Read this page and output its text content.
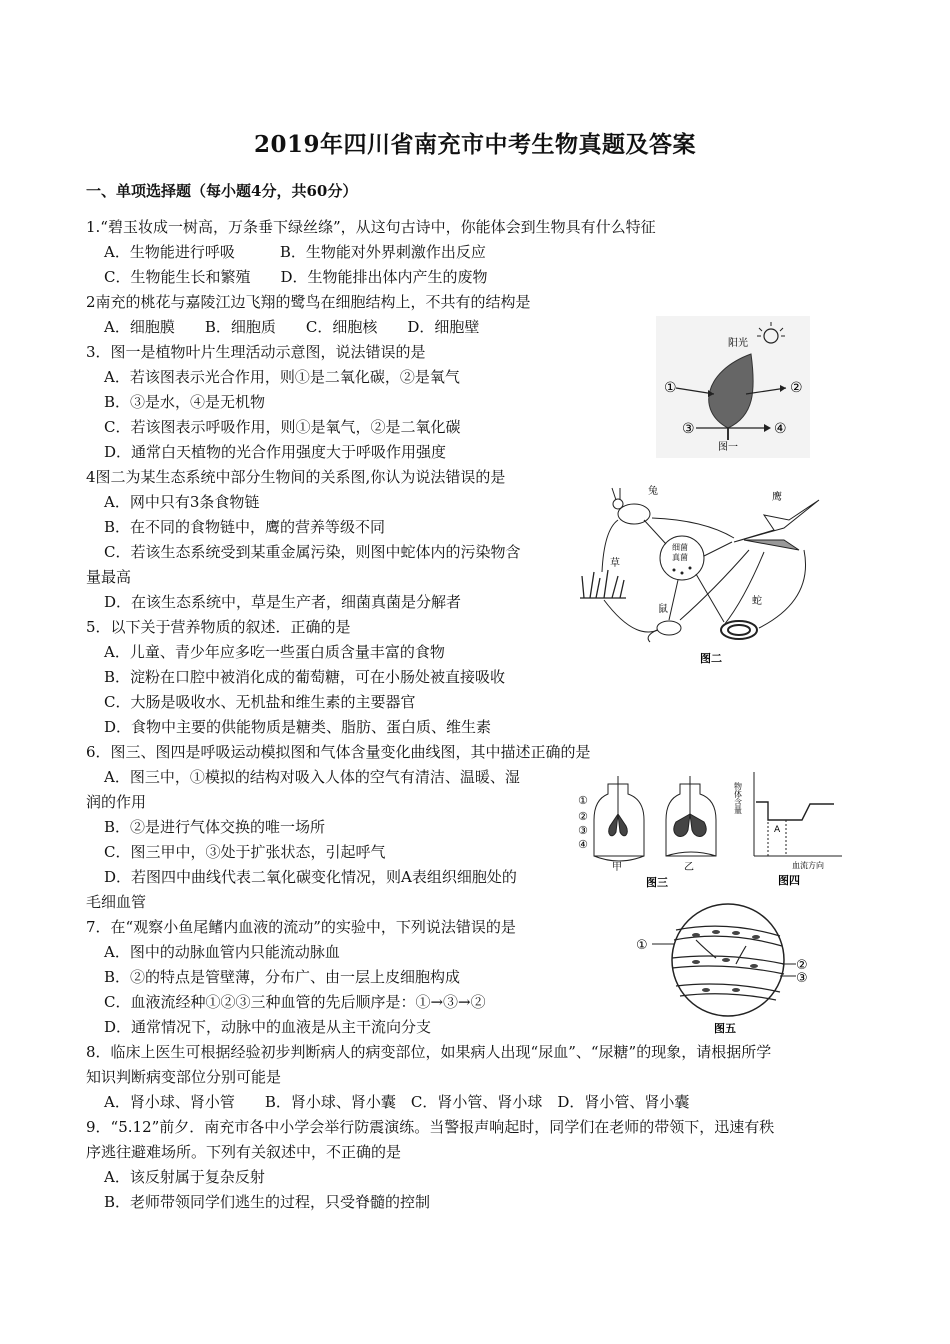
2019年四川省南充市中考生物真题及答案
一、单项选择题（每小题4分，共60分）
1.“碧玉妆成一树高，万条垂下绿丝绦”，从这句古诗中，你能体会到生物具有什么特征
A．生物能进行呼吸　　　B．生物能对外界刺激作出反应
C．生物能生长和繁殖　　D．生物能排出体内产生的废物
2南充的桃花与嘉陵江边飞翔的鹭鸟在细胞结构上，不共有的结构是
A．细胞膜　　B．细胞质　　C．细胞核　　D．细胞壁
3．图一是植物叶片生理活动示意图，说法错误的是
A．若该图表示光合作用，则①是二氧化碳，②是氧气
B．③是水，④是无机物
C．若该图表示呼吸作用，则①是氧气，②是二氧化碳
D．通常白天植物的光合作用强度大于呼吸作用强度
4图二为某生态系统中部分生物间的关系图,你认为说法错误的是
A．网中只有3条食物链
B．在不同的食物链中，鹰的营养等级不同
C．若该生态系统受到某重金属污染，则图中蛇体内的污染物含
量最高
D．在该生态系统中，草是生产者，细菌真菌是分解者
5．以下关于营养物质的叙述．正确的是
A．儿童、青少年应多吃一些蛋白质含量丰富的食物
B．淀粉在口腔中被消化成的葡萄糖，可在小肠处被直接吸收
C．大肠是吸收水、无机盐和维生素的主要器官
D．食物中主要的供能物质是糖类、脂肪、蛋白质、维生素
6．图三、图四是呼吸运动模拟图和气体含量变化曲线图，其中描述正确的是
A．图三中，①模拟的结构对吸入人体的空气有清洁、温暖、湿
润的作用
B．②是进行气体交换的唯一场所
C．图三甲中，③处于扩张状态，引起呼气
D．若图四中曲线代表二氧化碳变化情况，则A表组织细胞处的
毛细血管
7．在“观察小鱼尾鳍内血液的流动”的实验中，下列说法错误的是
A．图中的动脉血管内只能流动脉血
B．②的特点是管壁薄，分布广、由一层上皮细胞构成
C．血液流经种①②③三种血管的先后顺序是：①→③→②
D．通常情况下，动脉中的血液是从主干流向分支
8．临床上医生可根据经验初步判断病人的病变部位，如果病人出现“尿血”、“尿糖”的现象，请根据所学
知识判断病变部位分别可能是
A．肾小球、肾小管　　B．肾小球、肾小囊　C．肾小管、肾小球　D．肾小管、肾小囊
9．“5.12”前夕．南充市各中小学会举行防震演练。当警报声响起时，同学们在老师的带领下，迅速有秩
序逃往避难场所。下列有关叙述中，不正确的是
A．该反射属于复杂反射
B．老师带领同学们逃生的过程，只受脊髓的控制
阳光
①	②
③	④
图一
兔
鹰
草
鼠
蛇
细菌
真菌
图二
①
②
③
④
甲	乙
图三
物体含量
A
血流方向
图四
①
②
③
图五
